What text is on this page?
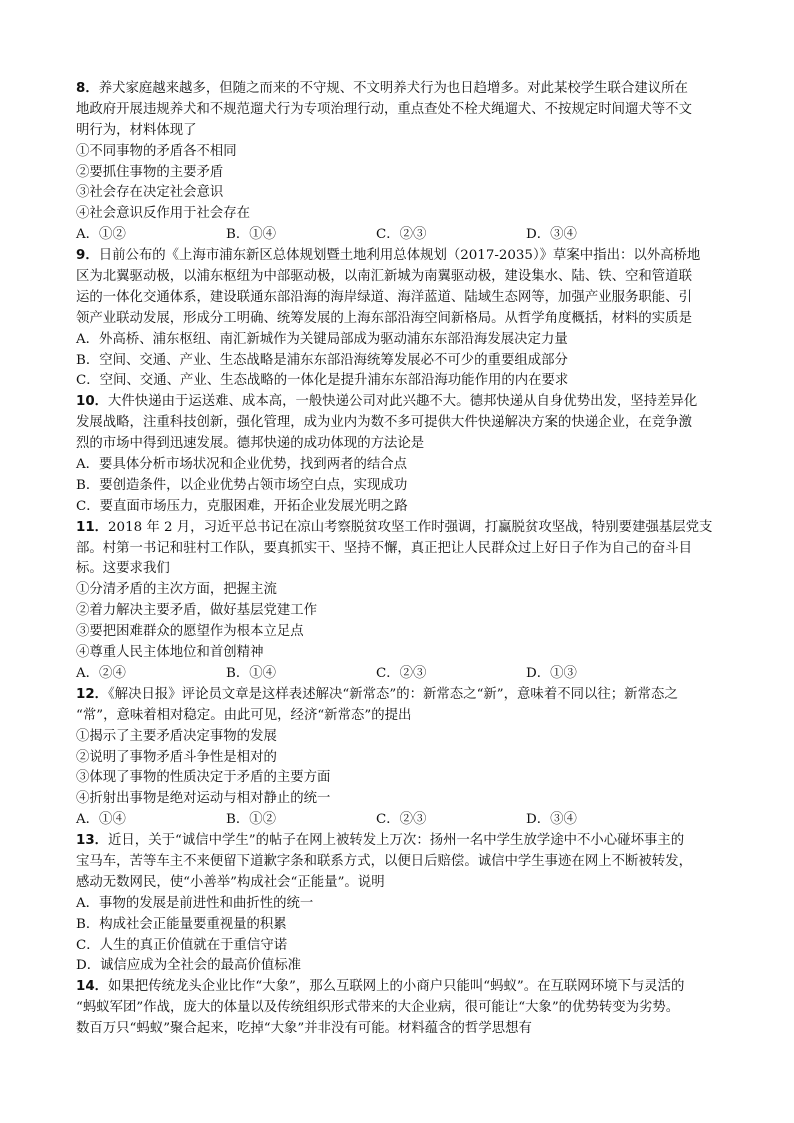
8．养犬家庭越来越多，但随之而来的不守规、不文明养犬行为也日趋增多。对此某校学生联合建议所在
地政府开展违规养犬和不规范遛犬行为专项治理行动，重点查处不栓犬绳遛犬、不按规定时间遛犬等不文
明行为，材料体现了
①不同事物的矛盾各不相同
②要抓住事物的主要矛盾
③社会存在决定社会意识
④社会意识反作用于社会存在
A．①②	B．①④	C．②③	D．③④
9．日前公布的《上海市浦东新区总体规划暨土地利用总体规划（2017-2035）》草案中指出：以外高桥地
区为北翼驱动极，以浦东枢纽为中部驱动极，以南汇新城为南翼驱动极，建设集水、陆、铁、空和管道联
运的一体化交通体系，建设联通东部沿海的海岸绿道、海洋蓝道、陆域生态网等，加强产业服务职能、引
领产业联动发展，形成分工明确、统筹发展的上海东部沿海空间新格局。从哲学角度概括，材料的实质是
A．外高桥、浦东枢纽、南汇新城作为关键局部成为驱动浦东东部沿海发展决定力量
B．空间、交通、产业、生态战略是浦东东部沿海统筹发展必不可少的重要组成部分
C．空间、交通、产业、生态战略的一体化是提升浦东东部沿海功能作用的内在要求
10．大件快递由于运送难、成本高，一般快递公司对此兴趣不大。德邦快递从自身优势出发，坚持差异化
发展战略，注重科技创新，强化管理，成为业内为数不多可提供大件快递解决方案的快递企业，在竞争激
烈的市场中得到迅速发展。德邦快递的成功体现的方法论是
A．要具体分析市场状况和企业优势，找到两者的结合点
B．要创造条件，以企业优势占领市场空白点，实现成功
C．要直面市场压力，克服困难，开拓企业发展光明之路
11．2018 年 2 月，习近平总书记在凉山考察脱贫攻坚工作时强调，打赢脱贫攻坚战，特别要建强基层党支
部。村第一书记和驻村工作队，要真抓实干、坚持不懈，真正把让人民群众过上好日子作为自己的奋斗目
标。这要求我们
①分清矛盾的主次方面，把握主流
②着力解决主要矛盾，做好基层党建工作
③要把困难群众的愿望作为根本立足点
④尊重人民主体地位和首创精神
A．②④	B．①④	C．②③	D．①③
12．《解决日报》评论员文章是这样表述解决“新常态”的：新常态之“新”，意味着不同以往；新常态之
“常”，意味着相对稳定。由此可见，经济“新常态”的提出
①揭示了主要矛盾决定事物的发展
②说明了事物矛盾斗争性是相对的
③体现了事物的性质决定于矛盾的主要方面
④折射出事物是绝对运动与相对静止的统一
A．①④	B．①②	C．②③	D．③④
13．近日，关于“诚信中学生”的帖子在网上被转发上万次：扬州一名中学生放学途中不小心碰坏事主的
宝马车，苦等车主不来便留下道歉字条和联系方式，以便日后赔偿。诚信中学生事迹在网上不断被转发，
感动无数网民，使“小善举”构成社会“正能量”。说明
A．事物的发展是前进性和曲折性的统一
B．构成社会正能量要重视量的积累
C．人生的真正价值就在于重信守诺
D．诚信应成为全社会的最高价值标准
14．如果把传统龙头企业比作“大象”，那么互联网上的小商户只能叫“蚂蚁”。在互联网环境下与灵活的
“蚂蚁军团”作战，庞大的体量以及传统组织形式带来的大企业病，很可能让“大象”的优势转变为劣势。
数百万只“蚂蚁”聚合起来，吃掉“大象”并非没有可能。材料蕴含的哲学思想有
